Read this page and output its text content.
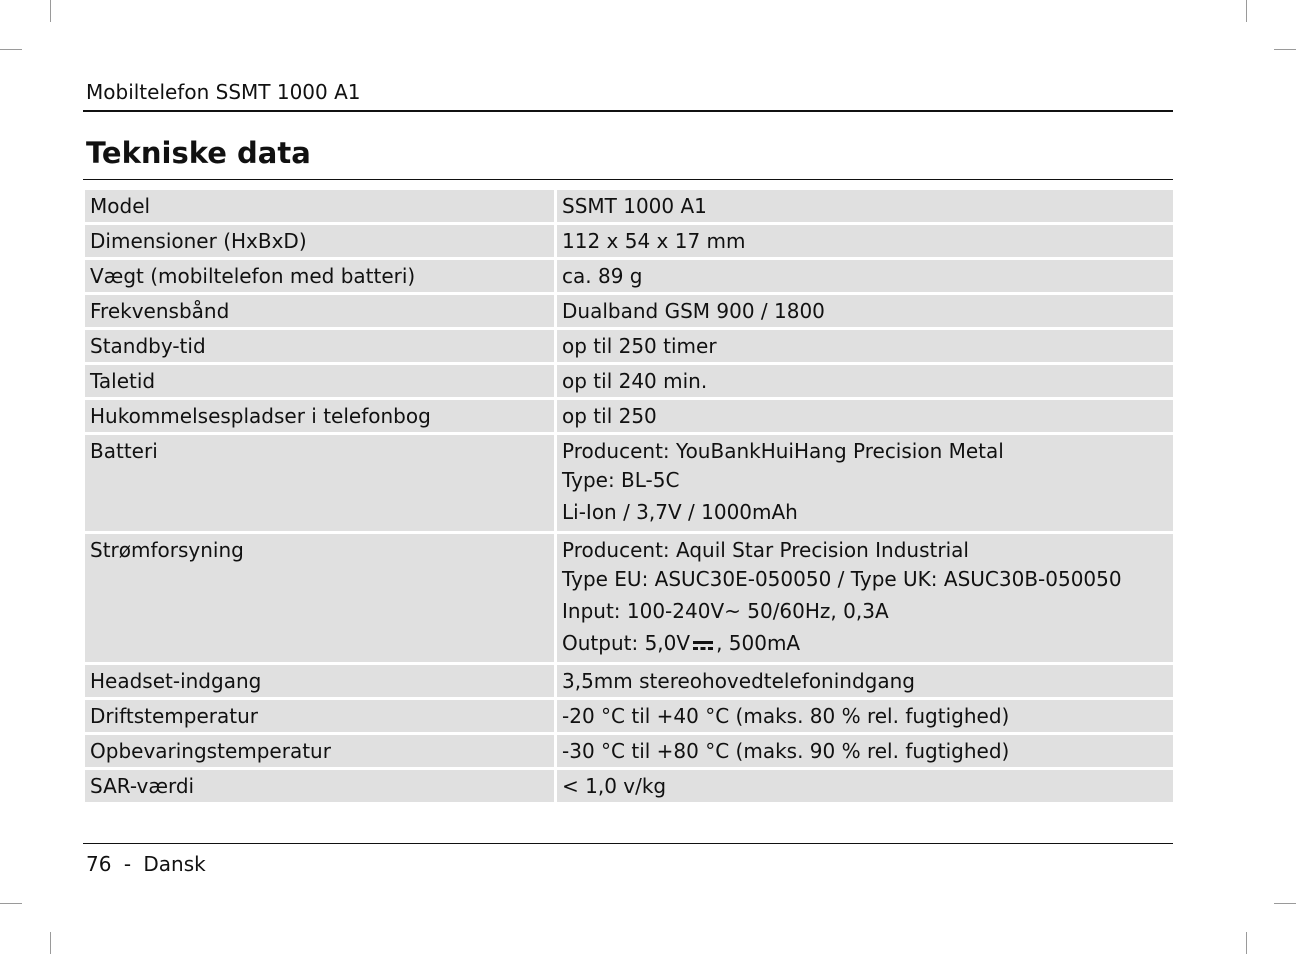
Mobiltelefon SSMT 1000 A1
Tekniske data
Model	SSMT 1000 A1

Dimensioner (HxBxD)	112 x 54 x 17 mm

Vægt (mobiltelefon med batteri)	ca. 89 g

Frekvensbånd	Dualband GSM 900 / 1800

Standby-tid	op til 250 timer

Taletid	op til 240 min.

Hukommelsespladser i telefonbog	op til 250

Batteri	Producent: YouBankHuiHang Precision Metal
Type: BL-5C
Li-Ion / 3,7V / 1000mAh

Strømforsyning	Producent: Aquil Star Precision Industrial
Type EU: ASUC30E-050050 / Type UK: ASUC30B-050050
Input: 100-240V~ 50/60Hz, 0,3A
Output: 5,0V , 500mA

Headset-indgang	3,5mm stereohovedtelefonindgang

Driftstemperatur	-20 °C til +40 °C (maks. 80 % rel. fugtighed)

Opbevaringstemperatur	-30 °C til +80 °C (maks. 90 % rel. fugtighed)

SAR-værdi	< 1,0 v/kg
76 - Dansk
